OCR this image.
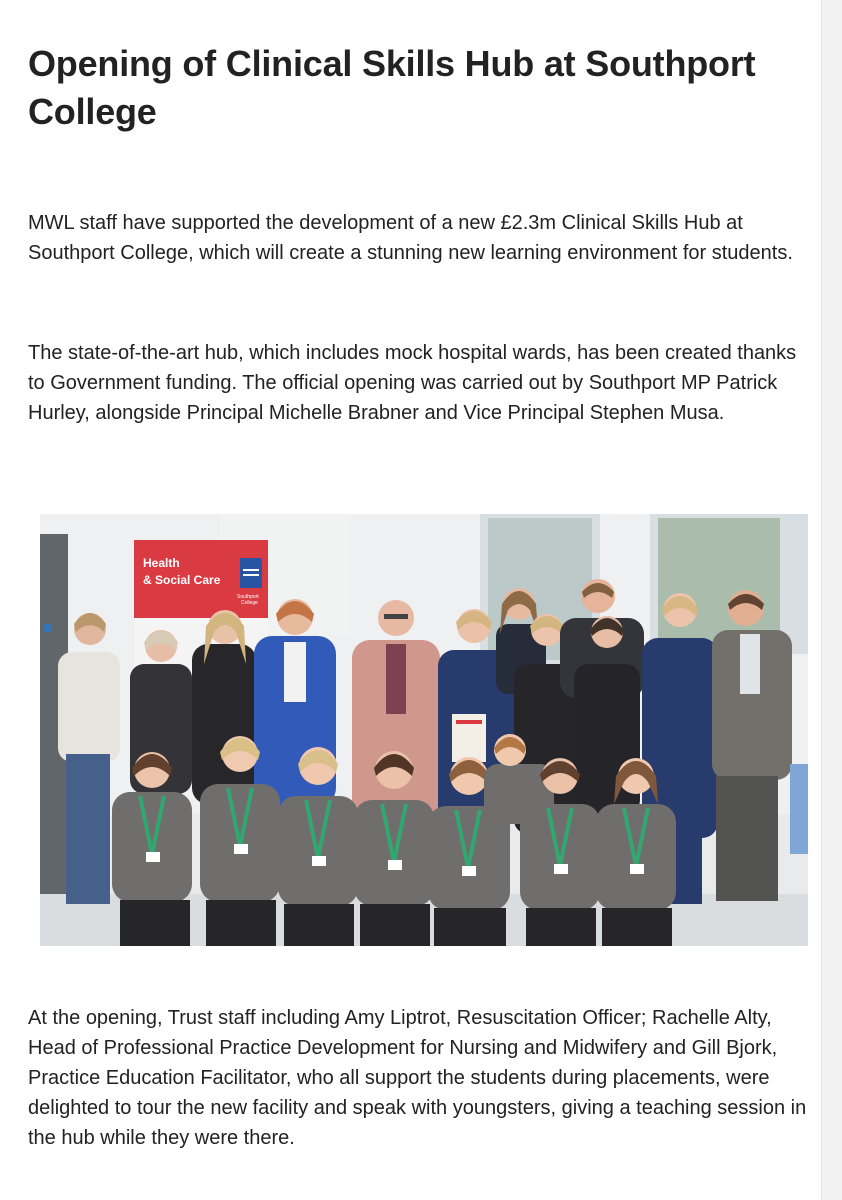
Opening of Clinical Skills Hub at Southport College

MWL staff have supported the development of a new £2.3m Clinical Skills Hub at Southport College, which will create a stunning new learning environment for students.

The state-of-the-art hub, which includes mock hospital wards, has been created thanks to Government funding. The official opening was carried out by Southport MP Patrick Hurley, alongside Principal Michelle Brabner and Vice Principal Stephen Musa.

Health
& Social Care
Southport
College

At the opening, Trust staff including Amy Liptrot, Resuscitation Officer; Rachelle Alty, Head of Professional Practice Development for Nursing and Midwifery and Gill Bjork, Practice Education Facilitator, who all support the students during placements, were delighted to tour the new facility and speak with youngsters, giving a teaching session in the hub while they were there.
